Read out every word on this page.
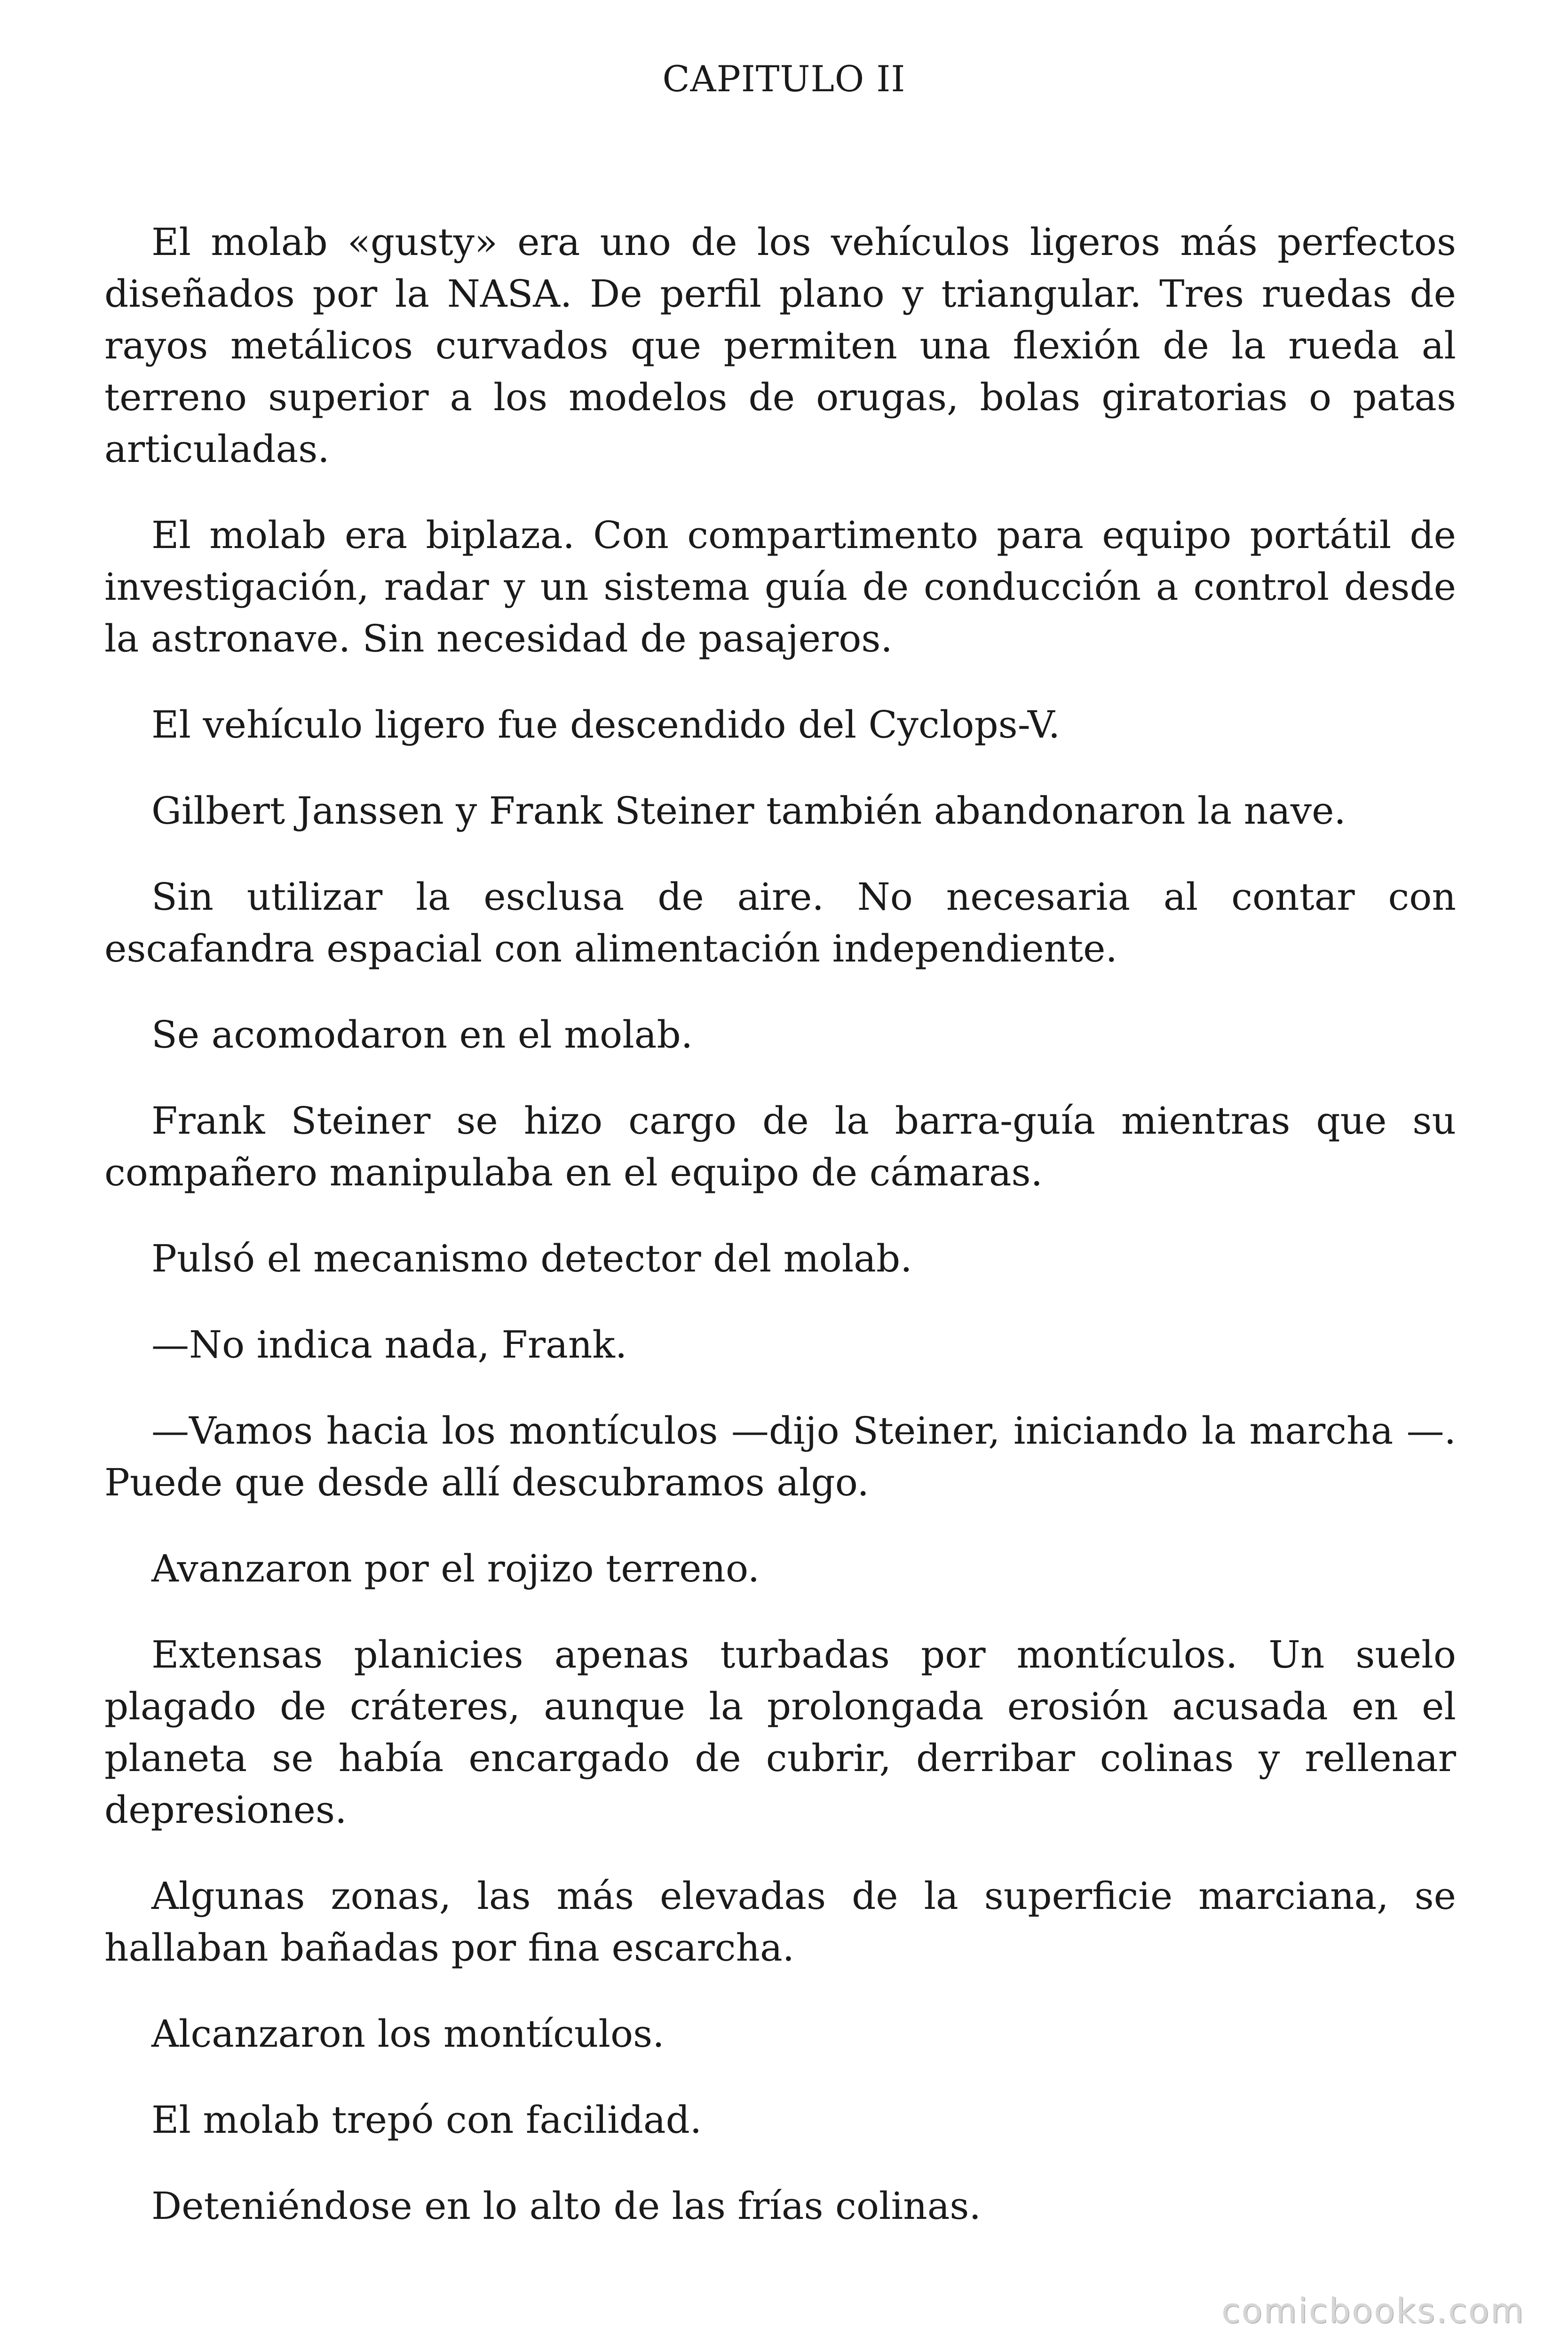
CAPITULO II

El molab «gusty» era uno de los vehículos ligeros más perfectos diseñados por la NASA. De perfil plano y triangular. Tres ruedas de rayos metálicos curvados que permiten una flexión de la rueda al terreno superior a los modelos de orugas, bolas giratorias o patas articuladas.

El molab era biplaza. Con compartimento para equipo portátil de investigación, radar y un sistema guía de conducción a control desde la astronave. Sin necesidad de pasajeros.

El vehículo ligero fue descendido del Cyclops-V.

Gilbert Janssen y Frank Steiner también abandonaron la nave.

Sin utilizar la esclusa de aire. No necesaria al contar con escafandra espacial con alimentación independiente.

Se acomodaron en el molab.

Frank Steiner se hizo cargo de la barra-guía mientras que su compañero manipulaba en el equipo de cámaras.

Pulsó el mecanismo detector del molab.

—No indica nada, Frank.

—Vamos hacia los montículos —dijo Steiner, iniciando la marcha —. Puede que desde allí descubramos algo.

Avanzaron por el rojizo terreno.

Extensas planicies apenas turbadas por montículos. Un suelo plagado de cráteres, aunque la prolongada erosión acusada en el planeta se había encargado de cubrir, derribar colinas y rellenar depresiones.

Algunas zonas, las más elevadas de la superficie marciana, se hallaban bañadas por fina escarcha.

Alcanzaron los montículos.

El molab trepó con facilidad.

Deteniéndose en lo alto de las frías colinas.

comicbooks.com
